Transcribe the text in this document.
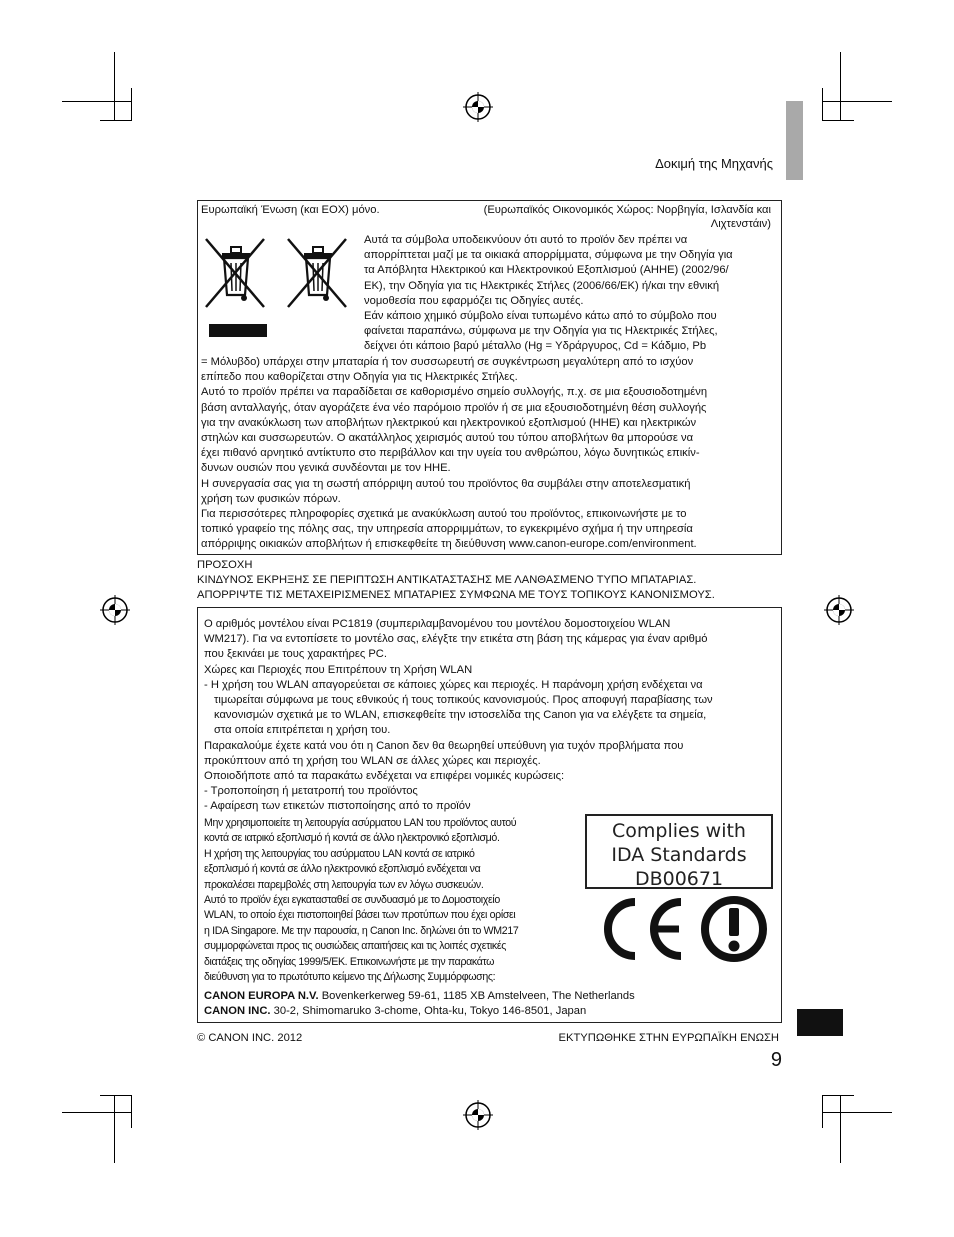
Δοκιμή της Μηχανής
Ευρωπαϊκή Ένωση (και ΕΟΧ) μόνο.	(Ευρωπαϊκός Οικονομικός Χώρος: Νορβηγία, Ισλανδία και
Λιχτενστάιν)

Αυτά τα σύμβολα υποδεικνύουν ότι αυτό το προϊόν δεν πρέπει να

απορρίπτεται μαζί με τα οικιακά απορρίμματα, σύμφωνα με την Οδηγία για

τα Απόβλητα Ηλεκτρικού και Ηλεκτρονικού Εξοπλισμού (ΑΗΗΕ) (2002/96/

ΕΚ), την Οδηγία για τις Ηλεκτρικές Στήλες (2006/66/ΕΚ) ή/και την εθνική

νομοθεσία που εφαρμόζει τις Οδηγίες αυτές.

Εάν κάποιο χημικό σύμβολο είναι τυπωμένο κάτω από το σύμβολο που

φαίνεται παραπάνω, σύμφωνα με την Οδηγία για τις Ηλεκτρικές Στήλες,

δείχνει ότι κάποιο βαρύ μέταλλο (Hg = Υδράργυρος, Cd = Κάδμιο, Pb

= Μόλυβδο) υπάρχει στην μπαταρία ή τον συσσωρευτή σε συγκέντρωση μεγαλύτερη από το ισχύον

επίπεδο που καθορίζεται στην Οδηγία για τις Ηλεκτρικές Στήλες.

Αυτό το προϊόν πρέπει να παραδίδεται σε καθορισμένο σημείο συλλογής, π.χ. σε μια εξουσιοδοτημένη

βάση ανταλλαγής, όταν αγοράζετε ένα νέο παρόμοιο προϊόν ή σε μια εξουσιοδοτημένη θέση συλλογής

για την ανακύκλωση των αποβλήτων ηλεκτρικού και ηλεκτρονικού εξοπλισμού (ΗΗΕ) και ηλεκτρικών

στηλών και συσσωρευτών. Ο ακατάλληλος χειρισμός αυτού του τύπου αποβλήτων θα μπορούσε να

έχει πιθανό αρνητικό αντίκτυπο στο περιβάλλον και την υγεία του ανθρώπου, λόγω δυνητικώς επικίν-

δυνων ουσιών που γενικά συνδέονται με τον ΗΗΕ.

Η συνεργασία σας για τη σωστή απόρριψη αυτού του προϊόντος θα συμβάλει στην αποτελεσματική

χρήση των φυσικών πόρων.

Για περισσότερες πληροφορίες σχετικά με ανακύκλωση αυτού του προϊόντος, επικοινωνήστε με το

τοπικό γραφείο της πόλης σας, την υπηρεσία απορριμμάτων, το εγκεκριμένο σχήμα ή την υπηρεσία

απόρριψης οικιακών αποβλήτων ή επισκεφθείτε τη διεύθυνση www.canon-europe.com/environment.

ΠΡΟΣΟΧΗ

ΚΙΝΔΥΝΟΣ ΕΚΡΗΞΗΣ ΣΕ ΠΕΡΙΠΤΩΣΗ ΑΝΤΙΚΑΤΑΣΤΑΣΗΣ ΜΕ ΛΑΝΘΑΣΜΕΝΟ ΤΥΠΟ ΜΠΑΤΑΡΙΑΣ.

ΑΠΟΡΡΙΨΤΕ ΤΙΣ ΜΕΤΑΧΕΙΡΙΣΜΕΝΕΣ ΜΠΑΤΑΡΙΕΣ ΣΥΜΦΩΝΑ ΜΕ ΤΟΥΣ ΤΟΠΙΚΟΥΣ ΚΑΝΟΝΙΣΜΟΥΣ.

Ο αριθμός μοντέλου είναι PC1819 (συμπεριλαμβανομένου του μοντέλου δομοστοιχείου WLAN

WM217). Για να εντοπίσετε το μοντέλο σας, ελέγξτε την ετικέτα στη βάση της κάμερας για έναν αριθμό

που ξεκινάει με τους χαρακτήρες PC.

Χώρες και Περιοχές που Επιτρέπουν τη Χρήση WLAN

- Η χρήση του WLAN απαγορεύεται σε κάποιες χώρες και περιοχές. Η παράνομη χρήση ενδέχεται να

τιμωρείται σύμφωνα με τους εθνικούς ή τους τοπικούς κανονισμούς. Προς αποφυγή παραβίασης των

κανονισμών σχετικά με το WLAN, επισκεφθείτε την ιστοσελίδα της Canon για να ελέγξετε τα σημεία,

στα οποία επιτρέπεται η χρήση του.

Παρακαλούμε έχετε κατά νου ότι η Canon δεν θα θεωρηθεί υπεύθυνη για τυχόν προβλήματα που

προκύπτουν από τη χρήση του WLAN σε άλλες χώρες και περιοχές.

Οποιοδήποτε από τα παρακάτω ενδέχεται να επιφέρει νομικές κυρώσεις:

- Τροποποίηση ή μετατροπή του προϊόντος

- Αφαίρεση των ετικετών πιστοποίησης από το προϊόν

Μην χρησιμοποιείτε τη λειτουργία ασύρματου LAN του προϊόντος αυτού

κοντά σε ιατρικό εξοπλισμό ή κοντά σε άλλο ηλεκτρονικό εξοπλισμό.

Η χρήση της λειτουργίας του ασύρματου LAN κοντά σε ιατρικό

εξοπλισμό ή κοντά σε άλλο ηλεκτρονικό εξοπλισμό ενδέχεται να

προκαλέσει παρεμβολές στη λειτουργία των εν λόγω συσκευών.

Αυτό το προϊόν έχει εγκατασταθεί σε συνδυασμό με το Δομοστοιχείο

WLAN, το οποίο έχει πιστοποιηθεί βάσει των προτύπων που έχει ορίσει

η IDA Singapore. Με την παρουσία, η Canon Inc. δηλώνει ότι το WM217

συμμορφώνεται προς τις ουσιώδεις απαιτήσεις και τις λοιπές σχετικές

διατάξεις της οδηγίας 1999/5/ΕΚ. Επικοινωνήστε με την παρακάτω

διεύθυνση για το πρωτότυπο κείμενο της Δήλωσης Συμμόρφωσης:

Complies with
IDA Standards
DB00671

CANON EUROPA N.V. Bovenkerkerweg 59-61, 1185 XB Amstelveen, The Netherlands

CANON INC. 30-2, Shimomaruko 3-chome, Ohta-ku, Tokyo 146-8501, Japan

© CANON INC. 2012	ΕΚΤΥΠΩΘΗΚΕ ΣΤΗΝ ΕΥΡΩΠΑΪΚΗ ΕΝΩΣΗ
9
